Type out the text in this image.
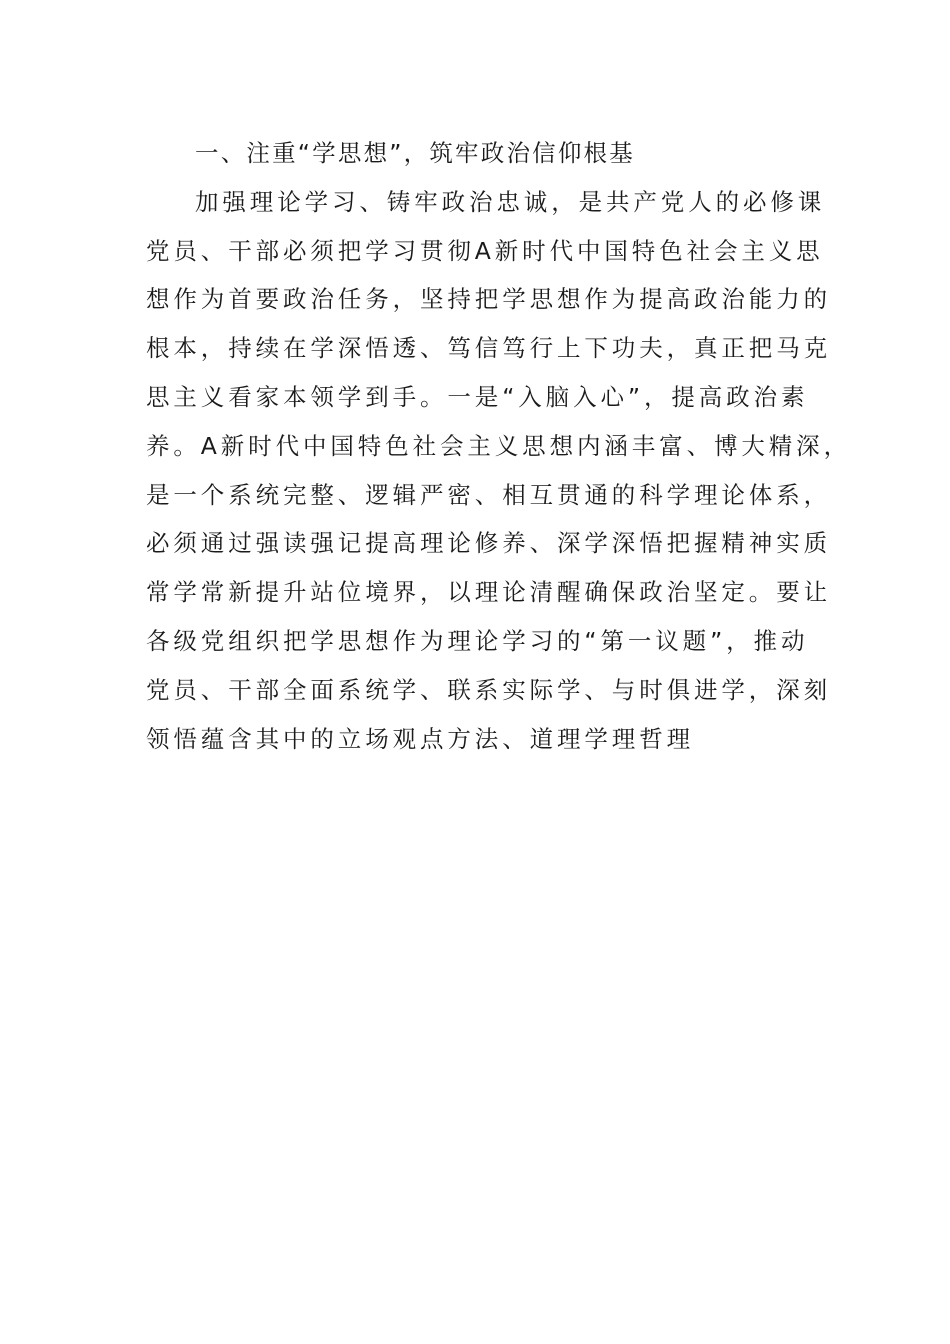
一、注重“学思想”，筑牢政治信仰根基
加强理论学习、铸牢政治忠诚，是共产党人的必修课
党员、干部必须把学习贯彻A新时代中国特色社会主义思
想作为首要政治任务，坚持把学思想作为提高政治能力的
根本，持续在学深悟透、笃信笃行上下功夫，真正把马克
思主义看家本领学到手。一是“入脑入心”，提高政治素
养。A新时代中国特色社会主义思想内涵丰富、博大精深，
是一个系统完整、逻辑严密、相互贯通的科学理论体系，
必须通过强读强记提高理论修养、深学深悟把握精神实质
常学常新提升站位境界，以理论清醒确保政治坚定。要让
各级党组织把学思想作为理论学习的“第一议题”，推动
党员、干部全面系统学、联系实际学、与时俱进学，深刻
领悟蕴含其中的立场观点方法、道理学理哲理
